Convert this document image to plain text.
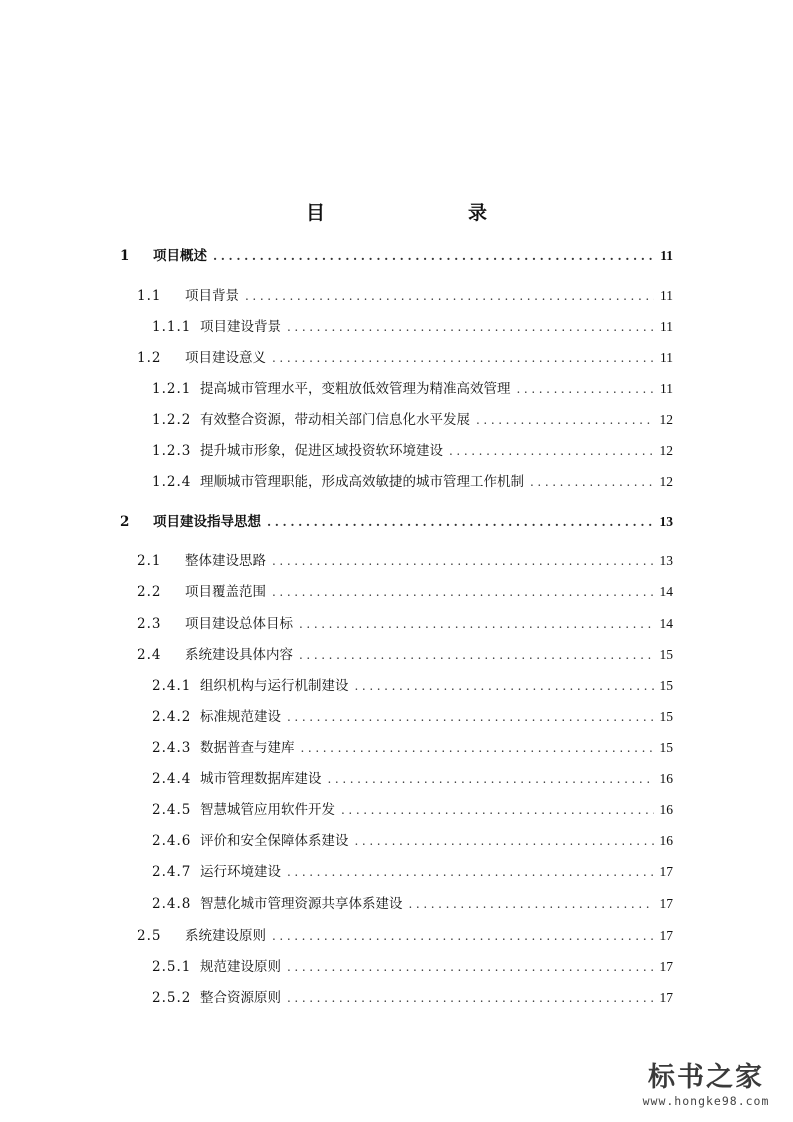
目　录
1	项目概述 .....	11
1.1	项目背景 .....	11
1.1.1 项目建设背景 .....	11
1.2	项目建设意义 .....	11
1.2.1 提高城市管理水平，变粗放低效管理为精准高效管理 .....	11
1.2.2 有效整合资源，带动相关部门信息化水平发展 .....	12
1.2.3 提升城市形象，促进区域投资软环境建设 .....	12
1.2.4 理顺城市管理职能，形成高效敏捷的城市管理工作机制 .....	12
2	项目建设指导思想 .....	13
2.1	整体建设思路 .....	13
2.2	项目覆盖范围 .....	14
2.3	项目建设总体目标 .....	14
2.4	系统建设具体内容 .....	15
2.4.1 组织机构与运行机制建设 .....	15
2.4.2 标准规范建设 .....	15
2.4.3 数据普查与建库 .....	15
2.4.4 城市管理数据库建设 .....	16
2.4.5 智慧城管应用软件开发 .....	16
2.4.6 评价和安全保障体系建设 .....	16
2.4.7 运行环境建设 .....	17
2.4.8 智慧化城市管理资源共享体系建设 .....	17
2.5	系统建设原则 .....	17
2.5.1 规范建设原则 .....	17
2.5.2 整合资源原则 .....	17
标书之家
www.hongke98.com
